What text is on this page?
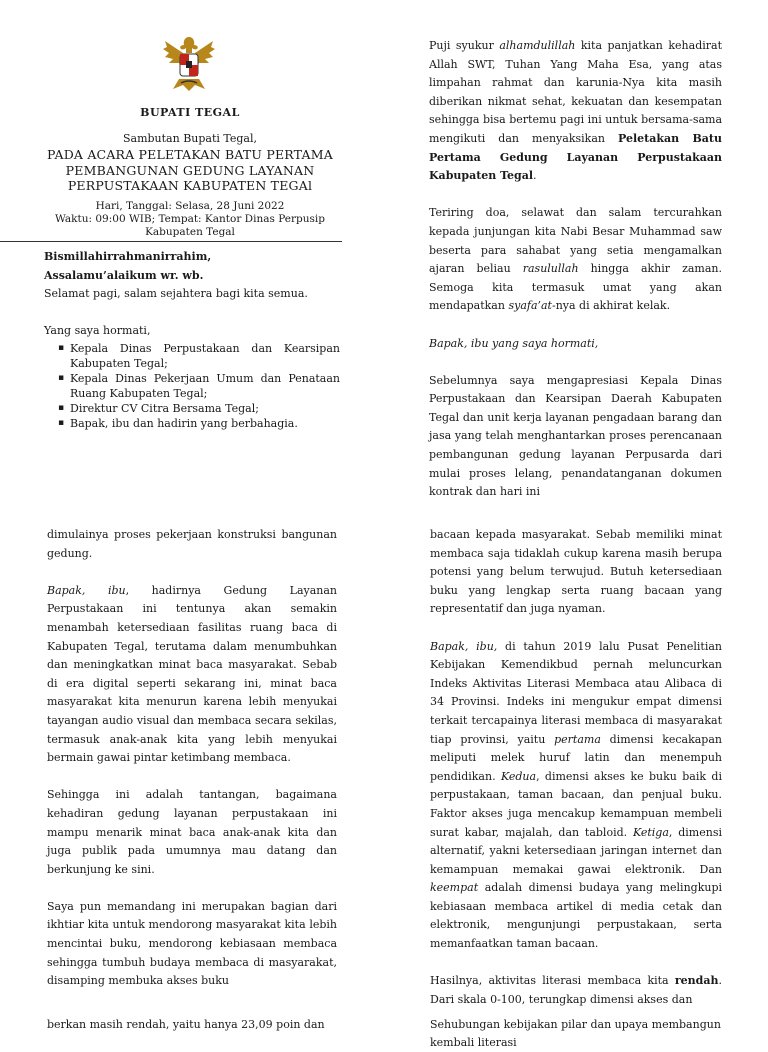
BUPATI TEGAL
Sambutan Bupati Tegal,
PADA ACARA PELETAKAN BATU PERTAMA
PEMBANGUNAN GEDUNG LAYANAN
PERPUSTAKAAN KABUPATEN TEGAl
Hari, Tanggal: Selasa, 28 Juni 2022
Waktu: 09:00 WIB; Tempat: Kantor Dinas Perpusip
Kabupaten Tegal
Bismillahirrahmanirrahim,
Assalamu’alaikum wr. wb.

Selamat pagi, salam sejahtera bagi kita semua.

Yang saya hormati,
▪ Kepala Dinas Perpustakaan dan Kearsipan Kabupaten Tegal;
▪ Kepala Dinas Pekerjaan Umum dan Penataan Ruang Kabupaten Tegal;
▪ Direktur CV Citra Bersama Tegal;
▪ Bapak, ibu dan hadirin yang berbahagia.

Puji syukur alhamdulillah kita panjatkan kehadirat Allah SWT, Tuhan Yang Maha Esa, yang atas limpahan rahmat dan karunia-Nya kita masih diberikan nikmat sehat, kekuatan dan kesempatan sehingga bisa bertemu pagi ini untuk bersama-sama mengikuti dan menyaksikan Peletakan Batu Pertama Gedung Layanan Perpustakaan Kabupaten Tegal.

Teriring doa, selawat dan salam tercurahkan kepada junjungan kita Nabi Besar Muhammad saw beserta para sahabat yang setia mengamalkan ajaran beliau rasulullah hingga akhir zaman. Semoga kita termasuk umat yang akan mendapatkan syafa’at-nya di akhirat kelak.

Bapak, ibu yang saya hormati,

Sebelumnya saya mengapresiasi Kepala Dinas Perpustakaan dan Kearsipan Daerah Kabupaten Tegal dan unit kerja layanan pengadaan barang dan jasa yang telah menghantarkan proses perencanaan pembangunan gedung layanan Perpusarda dari mulai proses lelang, penandatanganan dokumen kontrak dan hari ini

dimulainya proses pekerjaan konstruksi bangunan gedung.

Bapak, ibu, hadirnya Gedung Layanan Perpustakaan ini tentunya akan semakin menambah ketersediaan fasilitas ruang baca di Kabupaten Tegal, terutama dalam menumbuhkan dan meningkatkan minat baca masyarakat. Sebab di era digital seperti sekarang ini, minat baca masyarakat kita menurun karena lebih menyukai tayangan audio visual dan membaca secara sekilas, termasuk anak-anak kita yang lebih menyukai bermain gawai pintar ketimbang membaca.

Sehingga ini adalah tantangan, bagaimana kehadiran gedung layanan perpustakaan ini mampu menarik minat baca anak-anak kita dan juga publik pada umumnya mau datang dan berkunjung ke sini.

Saya pun memandang ini merupakan bagian dari ikhtiar kita untuk mendorong masyarakat kita lebih mencintai buku, mendorong kebiasaan membaca sehingga tumbuh budaya membaca di masyarakat, disamping membuka akses buku

bacaan kepada masyarakat. Sebab memiliki minat membaca saja tidaklah cukup karena masih berupa potensi yang belum terwujud. Butuh ketersediaan buku yang lengkap serta ruang bacaan yang representatif dan juga nyaman.

Bapak, ibu, di tahun 2019 lalu Pusat Penelitian Kebijakan Kemendikbud pernah meluncurkan Indeks Aktivitas Literasi Membaca atau Alibaca di 34 Provinsi. Indeks ini mengukur empat dimensi terkait tercapainya literasi membaca di masyarakat tiap provinsi, yaitu pertama dimensi kecakapan meliputi melek huruf latin dan menempuh pendidikan. Kedua, dimensi akses ke buku baik di perpustakaan, taman bacaan, dan penjual buku. Faktor akses juga mencakup kemampuan membeli surat kabar, majalah, dan tabloid. Ketiga, dimensi alternatif, yakni ketersediaan jaringan internet dan kemampuan memakai gawai elektronik. Dan keempat adalah dimensi budaya yang melingkupi kebiasaan membaca artikel di media cetak dan elektronik, mengunjungi perpustakaan, serta memanfaatkan taman bacaan.

Hasilnya, aktivitas literasi membaca kita rendah. Dari skala 0-100, terungkap dimensi akses dan

berkan masih rendah, yaitu hanya 23,09 poin dan	Sehubungan kebijakan pilar dan upaya membangun kembali literasi
